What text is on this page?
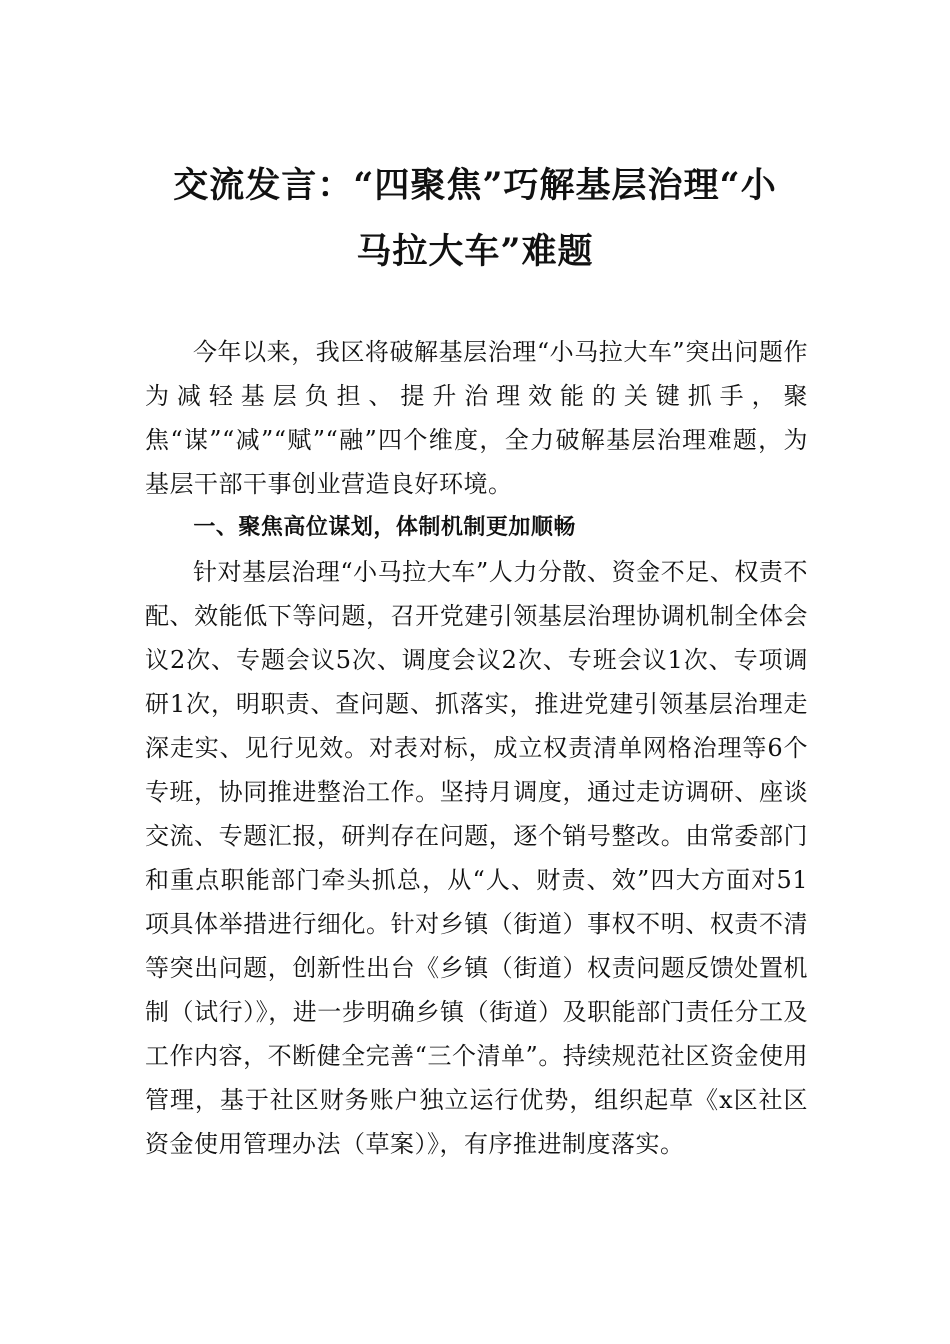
交流发言：“四聚焦”巧解基层治理“小
马拉大车”难题

今年以来，我区将破解基层治理“小马拉大车”突出问题作为减轻基层负担、提升治理效能的关键抓手，聚焦“谋”“减”“赋”“融”四个维度，全力破解基层治理难题，为基层干部干事创业营造良好环境。

一、聚焦高位谋划，体制机制更加顺畅

针对基层治理“小马拉大车”人力分散、资金不足、权责不配、效能低下等问题，召开党建引领基层治理协调机制全体会议2次、专题会议5次、调度会议2次、专班会议1次、专项调研1次，明职责、查问题、抓落实，推进党建引领基层治理走深走实、见行见效。对表对标，成立权责清单网格治理等6个专班，协同推进整治工作。坚持月调度，通过走访调研、座谈交流、专题汇报，研判存在问题，逐个销号整改。由常委部门和重点职能部门牵头抓总，从“人、财责、效”四大方面对51项具体举措进行细化。针对乡镇（街道）事权不明、权责不清等突出问题，创新性出台《乡镇（街道）权责问题反馈处置机制（试行）》，进一步明确乡镇（街道）及职能部门责任分工及工作内容，不断健全完善“三个清单”。持续规范社区资金使用管理，基于社区财务账户独立运行优势，组织起草《x区社区资金使用管理办法（草案）》，有序推进制度落实。
